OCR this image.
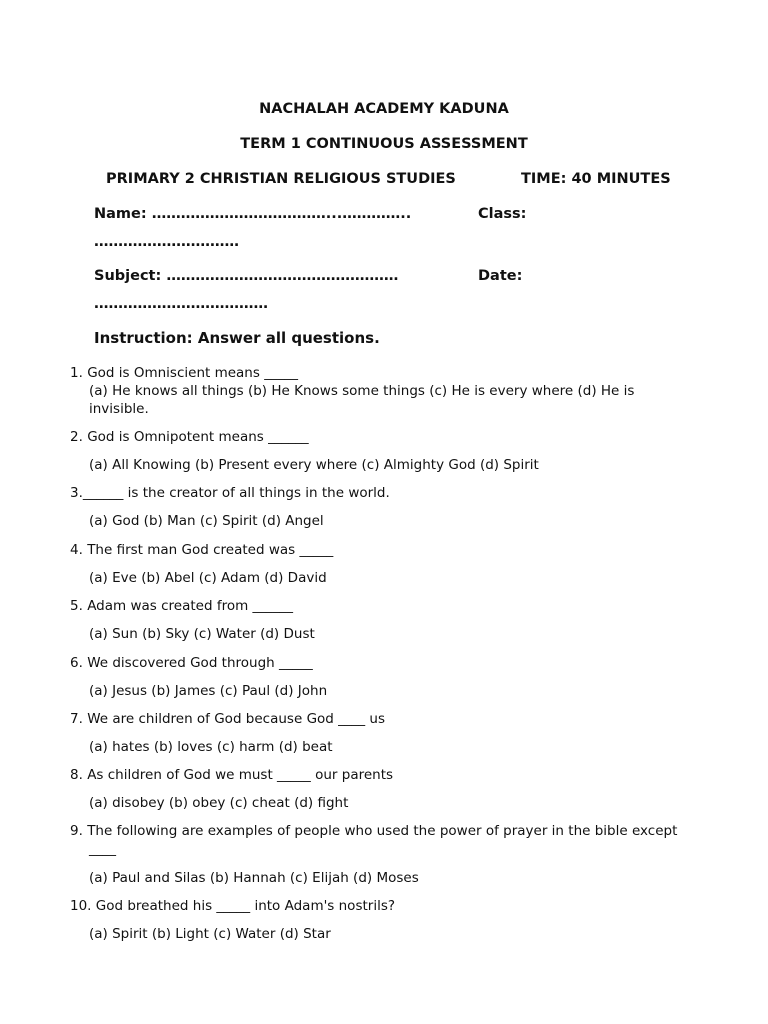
NACHALAH ACADEMY KADUNA
TERM 1 CONTINUOUS ASSESSMENT
PRIMARY 2 CHRISTIAN RELIGIOUS STUDIES	TIME: 40 MINUTES
Name: ………………………………...…………..	Class:
…………………………
Subject: …………………………………………	Date:
………………………………
Instruction: Answer all questions.
1. God is Omniscient means _____
(a) He knows all things (b) He Knows some things (c) He is every where (d) He is
invisible.
2. God is Omnipotent means ______
(a) All Knowing (b) Present every where (c) Almighty God (d) Spirit
3.______ is the creator of all things in the world.
(a) God (b) Man (c) Spirit (d) Angel
4. The first man God created was _____
(a) Eve (b) Abel (c) Adam (d) David
5. Adam was created from ______
(a) Sun (b) Sky (c) Water (d) Dust
6. We discovered God through _____
(a) Jesus (b) James (c) Paul (d) John
7. We are children of God because God ____ us
(a) hates (b) loves (c) harm (d) beat
8. As children of God we must _____ our parents
(a) disobey (b) obey (c) cheat (d) fight
9. The following are examples of people who used the power of prayer in the bible except
____
(a) Paul and Silas (b) Hannah (c) Elijah (d) Moses
10. God breathed his _____ into Adam's nostrils?
(a) Spirit (b) Light (c) Water (d) Star
